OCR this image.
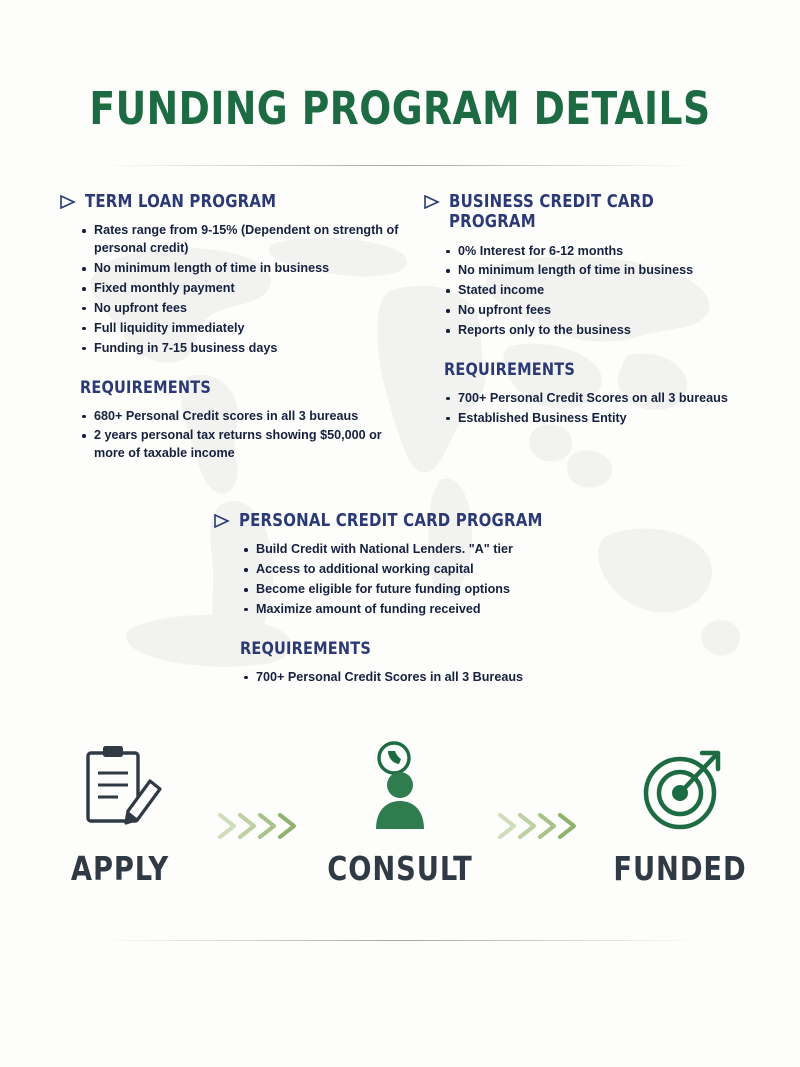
FUNDING PROGRAM DETAILS
TERM LOAN PROGRAM
Rates range from 9-15% (Dependent on strength of personal credit)
No minimum length of time in business
Fixed monthly payment
No upfront fees
Full liquidity immediately
Funding in 7-15 business days
REQUIREMENTS
680+ Personal Credit scores in all 3 bureaus
2 years personal tax returns showing $50,000 or more of taxable income
BUSINESS CREDIT CARD PROGRAM
0% Interest for 6-12 months
No minimum length of time in business
Stated income
No upfront fees
Reports only to the business
REQUIREMENTS
700+ Personal Credit Scores on all 3 bureaus
Established Business Entity
PERSONAL CREDIT CARD PROGRAM
Build Credit with National Lenders. "A" tier
Access to additional working capital
Become eligible for future funding options
Maximize amount of funding received
REQUIREMENTS
700+ Personal Credit Scores in all 3 Bureaus
APPLY	CONSULT	FUNDED
